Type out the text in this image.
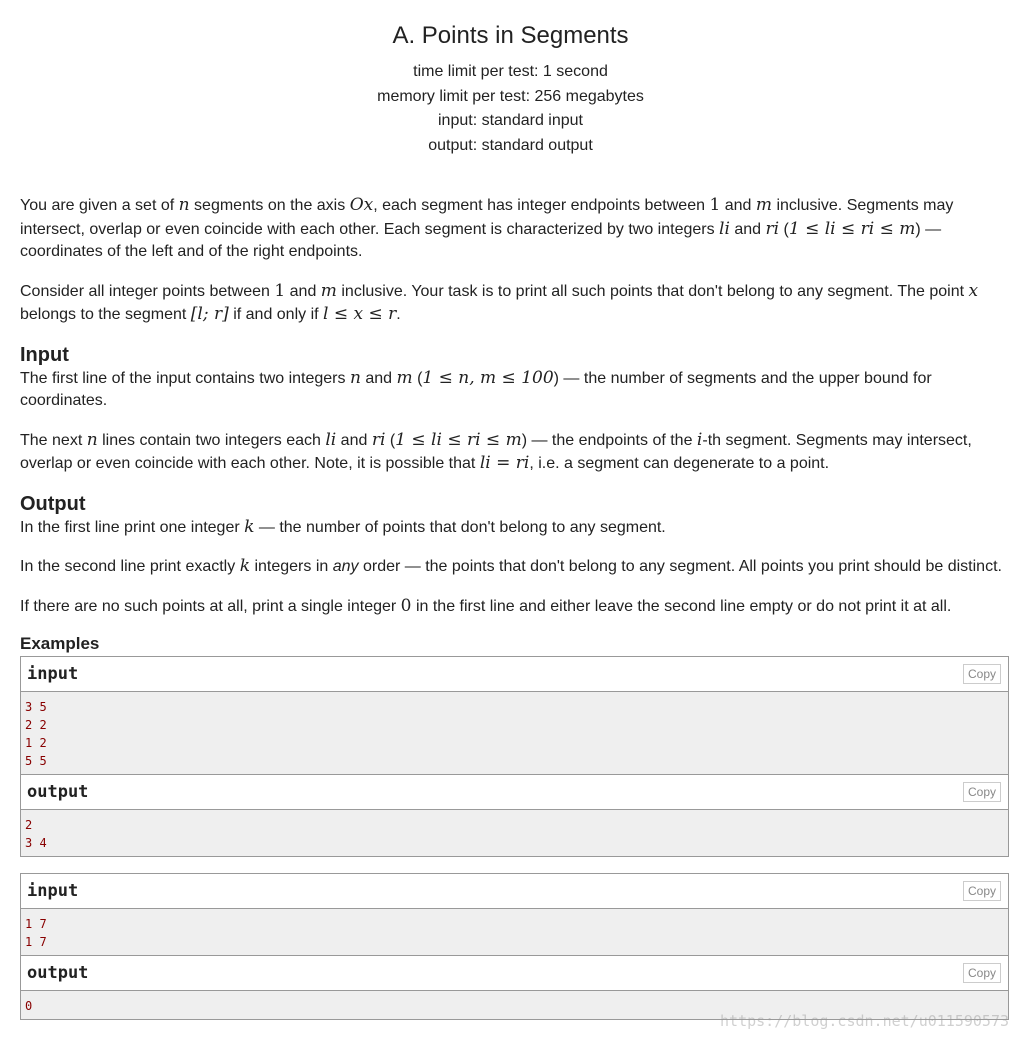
A. Points in Segments
time limit per test: 1 second
memory limit per test: 256 megabytes
input: standard input
output: standard output

You are given a set of n segments on the axis Ox, each segment has integer endpoints between 1 and m inclusive. Segments may intersect, overlap or even coincide with each other. Each segment is characterized by two integers li and ri (1 ≤ li ≤ ri ≤ m) — coordinates of the left and of the right endpoints.

Consider all integer points between 1 and m inclusive. Your task is to print all such points that don't belong to any segment. The point x belongs to the segment [l; r] if and only if l ≤ x ≤ r.

Input

The first line of the input contains two integers n and m (1 ≤ n, m ≤ 100) — the number of segments and the upper bound for coordinates.

The next n lines contain two integers each li and ri (1 ≤ li ≤ ri ≤ m) — the endpoints of the i-th segment. Segments may intersect, overlap or even coincide with each other. Note, it is possible that li = ri, i.e. a segment can degenerate to a point.

Output

In the first line print one integer k — the number of points that don't belong to any segment.

In the second line print exactly k integers in any order — the points that don't belong to any segment. All points you print should be distinct.

If there are no such points at all, print a single integer 0 in the first line and either leave the second line empty or do not print it at all.

Examples
input	Copy
3 5
2 2
1 2
5 5
output	Copy
2
3 4
input	Copy
1 7
1 7
output	Copy
0
https://blog.csdn.net/u011590573
